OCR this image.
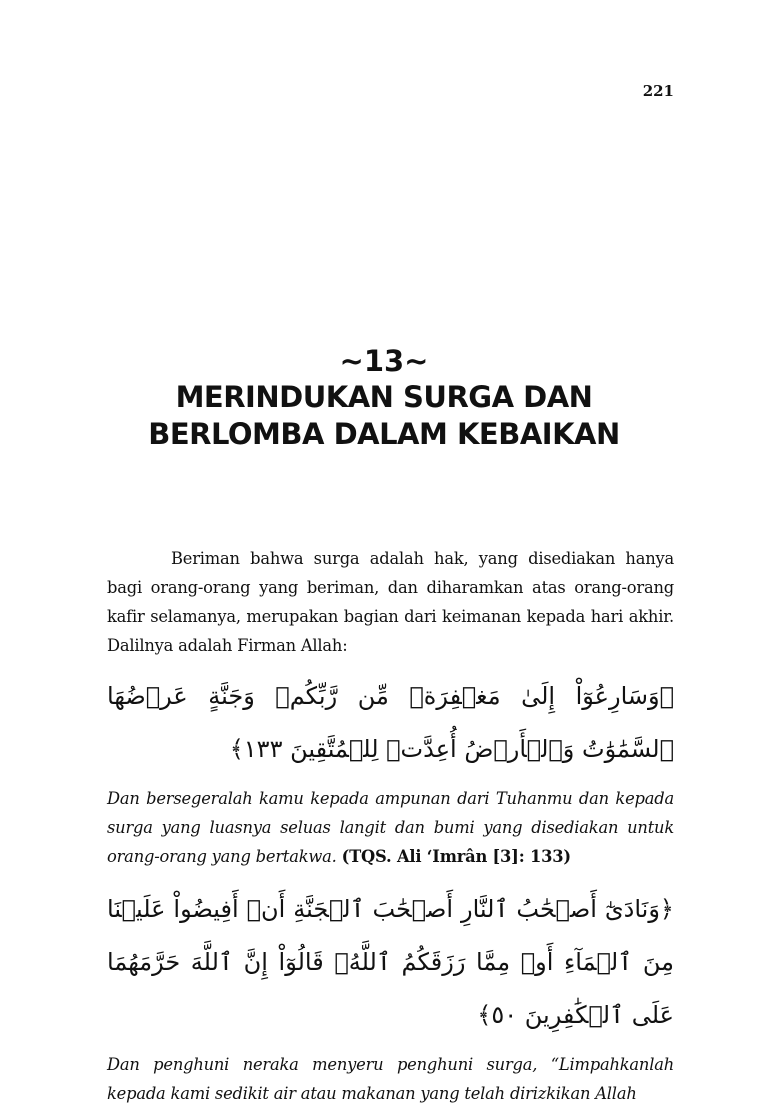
221
~13~
MERINDUKAN SURGA DAN
BERLOMBA DALAM KEBAIKAN

Beriman bahwa surga adalah hak, yang disediakan hanya bagi orang-orang yang beriman, dan diharamkan atas orang-orang kafir selamanya, merupakan bagian dari keimanan kepada hari akhir. Dalilnya adalah Firman Allah:

﴿وَسَارِعُوٓاْ إِلَىٰ مَغۡفِرَةٖ مِّن رَّبِّكُمۡ وَجَنَّةٍ عَرۡضُهَا ٱلسَّمَٰوَٰتُ وَٱلۡأَرۡضُ أُعِدَّتۡ لِلۡمُتَّقِينَ ١٣٣﴾

Dan bersegeralah kamu kepada ampunan dari Tuhanmu dan kepada surga yang luasnya seluas langit dan bumi yang disediakan untuk orang-orang yang bertakwa. (TQS. Ali ‘Imrân [3]: 133)

﴿وَنَادَىٰٓ أَصۡحَٰبُ ٱلنَّارِ أَصۡحَٰبَ ٱلۡجَنَّةِ أَنۡ أَفِيضُواْ عَلَيۡنَا مِنَ ٱلۡمَآءِ أَوۡ مِمَّا رَزَقَكُمُ ٱللَّهُۚ قَالُوٓاْ إِنَّ ٱللَّهَ حَرَّمَهُمَا عَلَى ٱلۡكَٰفِرِينَ ٥٠﴾

Dan penghuni neraka menyeru penghuni surga, “Limpahkanlah kepada kami sedikit air atau makanan yang telah dirizkikan Allah
